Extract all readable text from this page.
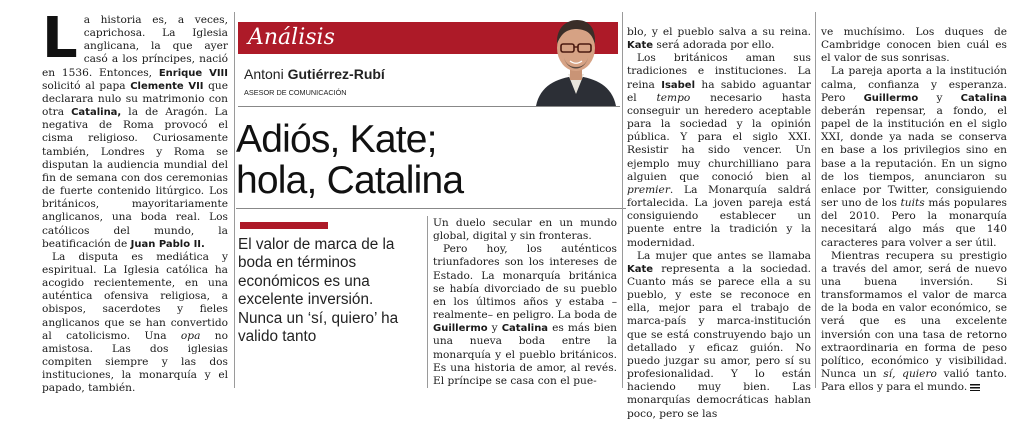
La historia es, a veces, caprichosa. La Iglesia anglicana, la que ayer casó a los príncipes, nació en 1536. Entonces, Enrique VIII solicitó al papa Clemente VII que declarara nulo su matrimonio con otra Catalina, la de Aragón. La negativa de Roma provocó el cisma religioso. Curiosamente también, Londres y Roma se disputan la audiencia mundial del fin de semana con dos ceremonias de fuerte contenido litúrgico. Los británicos, mayoritariamente anglicanos, una boda real. Los católicos del mundo, la beatificación de Juan Pablo II.

La disputa es mediática y espiritual. La Iglesia católica ha acogido recientemente, en una auténtica ofensiva religiosa, a obispos, sacerdotes y fieles anglicanos que se han convertido al catolicismo. Una opa no amistosa. Las dos iglesias compiten siempre y las dos instituciones, la monarquía y el papado, también.

Análisis
Antoni Gutiérrez-Rubí
ASESOR DE COMUNICACIÓN
Adiós, Kate;
hola, Catalina
El valor de marca de la boda en términos económicos es una excelente inversión. Nunca un ‘sí, quiero’ ha valido tanto

Un duelo secular en un mundo global, digital y sin fronteras.

Pero hoy, los auténticos triunfadores son los intereses de Estado. La monarquía británica se había divorciado de su pueblo en los últimos años y estaba –realmente– en peligro. La boda de Guillermo y Catalina es más bien una nueva boda entre la monarquía y el pueblo británicos. Es una historia de amor, al revés. El príncipe se casa con el pue-

blo, y el pueblo salva a su reina. Kate será adorada por ello.

Los británicos aman sus tradiciones e instituciones. La reina Isabel ha sabido aguantar el tempo necesario hasta conseguir un heredero aceptable para la sociedad y la opinión pública. Y para el siglo XXI. Resistir ha sido vencer. Un ejemplo muy churchilliano para alguien que conoció bien al premier. La Monarquía saldrá fortalecida. La joven pareja está consiguiendo establecer un puente entre la tradición y la modernidad.

La mujer que antes se llamaba Kate representa a la sociedad. Cuanto más se parece ella a su pueblo, y este se reconoce en ella, mejor para el trabajo de marca-país y marca-institución que se está construyendo bajo un detallado y eficaz guión. No puedo juzgar su amor, pero sí su profesionalidad. Y lo están haciendo muy bien. Las monarquías democráticas hablan poco, pero se las

ve muchísimo. Los duques de Cambridge conocen bien cuál es el valor de sus sonrisas.

La pareja aporta a la institución calma, confianza y esperanza. Pero Guillermo y Catalina deberán repensar, a fondo, el papel de la institución en el siglo XXI, donde ya nada se conserva en base a los privilegios sino en base a la reputación. En un signo de los tiempos, anunciaron su enlace por Twitter, consiguiendo ser uno de los tuits más populares del 2010. Pero la monarquía necesitará algo más que 140 caracteres para volver a ser útil.

Mientras recupera su prestigio a través del amor, será de nuevo una buena inversión. Si transformamos el valor de marca de la boda en valor económico, se verá que es una excelente inversión con una tasa de retorno extraordinaria en forma de peso político, económico y visibilidad. Nunca un sí, quiero valió tanto. Para ellos y para el mundo.
